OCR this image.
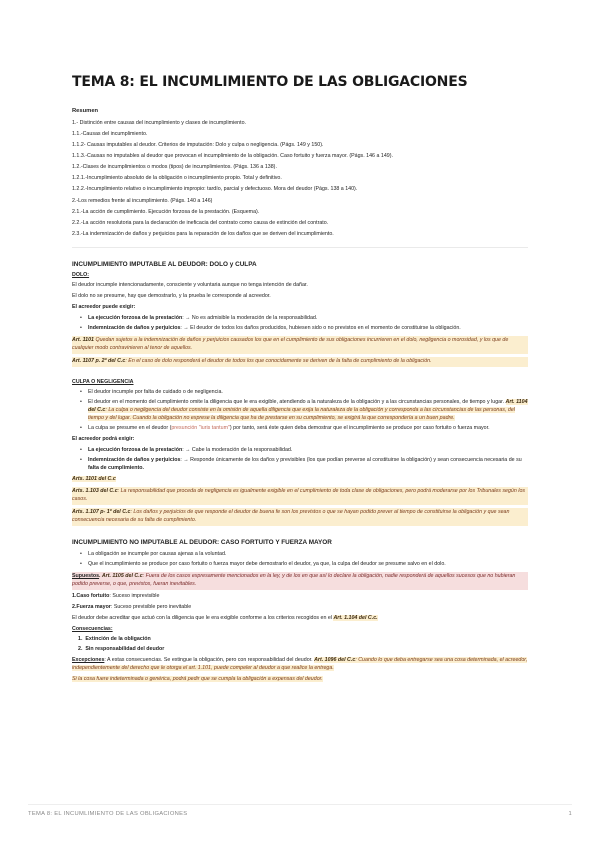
TEMA 8: EL INCUMLIMIENTO DE LAS OBLIGACIONES
Resumen

1.- Distinción entre causas del incumplimiento y clases de incumplimiento.

1.1.-Causas del incumplimiento.

1.1.2- Causas imputables al deudor. Criterios de imputación: Dolo y culpa o negligencia. (Págs. 149 y 150).

1.1.3.-Causas no imputables al deudor que provocan el incumplimiento de la obligación. Caso fortuito y fuerza mayor. (Págs. 146 a 149).

1.2.-Clases de incumplimientos o modos (tipos) de incumplimientos. (Págs. 136 a 138).

1.2.1.-Incumplimiento absoluto de la obligación o incumplimiento propio. Total y definitivo.

1.2.2.-Incumplimiento relativo o incumplimiento impropio: tardío, parcial y defectuoso. Mora del deudor (Págs. 138 a 140).

2.-Los remedios frente al incumplimiento. (Págs. 140 a 146)

2.1.-La acción de cumplimiento. Ejecución forzosa de la prestación. (Esquema).

2.2.-La acción resolutoria para la declaración de ineficacia del contrato como causa de extinción del contrato.

2.3.-La indemnización de daños y perjuicios para la reparación de los daños que se deriven del incumplimiento.

INCUMPLIMIENTO IMPUTABLE AL DEUDOR: DOLO y CULPA
DOLO:

El deudor incumple intencionadamente, consciente y voluntaria aunque no tenga intención de dañar.

El dolo no se presume, hay que demostrarlo, y la prueba le corresponde al acreedor.

El acreedor puede exigir:

• La ejecución forzosa de la prestación: → No es admisible la moderación de la responsabilidad.
• Indemnización de daños y perjuicios: → El deudor de todos los daños producidos, hubiesen sido o no previstos en el momento de constituirse la obligación.

Art. 1101 Quedan sujetos a la indemnización de daños y perjuicios causados los que en el cumplimiento de sus obligaciones incurrieren en el dolo, negligencia o morosidad, y los que de cualquier modo contravinieren al tenor de aquellos.

Art. 1107 p. 2º del C.c: En el caso de dolo responderá el deudor de todos los que conocidamente se deriven de la falta de cumplimiento de la obligación.

CULPA O NEGLIGENCIA
• El deudor incumple por falta de cuidado o de negligencia.
• El deudor en el momento del cumplimiento omite la diligencia que le era exigible, atendiendo a la naturaleza de la obligación y a las circunstancias personales, de tiempo y lugar. Art. 1104 del C.c: La culpa o negligencia del deudor consiste en la omisión de aquella diligencia que exija la naturaleza de la obligación y corresponda a las circunstancias de las personas, del tiempo y del lugar. Cuando la obligación no exprese la diligencia que ha de prestarse en su cumplimiento, se exigirá la que correspondería a un buen padre.
• La culpa se presume en el deudor (presunción "iuris tantum") por tanto, será éste quien deba demostrar que el incumplimiento se produce por caso fortuito o fuerza mayor.

El acreedor podrá exigir:

• La ejecución forzosa de la prestación: → Cabe la moderación de la responsabilidad.
• Indemnización de daños y perjuicios: → Responde únicamente de los daños y previsibles (los que podían preverse al constituirse la obligación) y sean consecuencia necesaria de su falta de cumplimiento.

Arts. 1101 del C.c

Arts. 1.103 del C.c: La responsabilidad que proceda de negligencia es igualmente exigible en el cumplimiento de toda clase de obligaciones, pero podrá moderarse por los Tribunales según los casos.

Arts. 1.107 p- 1º del C.c: Los daños y perjuicios de que responde el deudor de buena fe son los previstos o que se hayan podido prever al tiempo de constituirse la obligación y que sean consecuencia necesaria de su falta de cumplimiento.

INCUMPLIMIENTO NO IMPUTABLE AL DEUDOR: CASO FORTUITO Y FUERZA MAYOR
• La obligación se incumple por causas ajenas a la voluntad.
• Que el incumplimiento se produce por caso fortuito o fuerza mayor debe demostrarlo el deudor, ya que, la culpa del deudor se presume salvo en el dolo.

Supuestos. Art. 1105 del C.c: Fuera de los casos expresamente mencionados en la ley, y de los en que así lo declare la obligación, nadie responderá de aquellos sucesos que no hubieran podido preverse, o que, previstos, fueran inevitables.

1.Caso fortuito: Suceso imprevisible

2.Fuerza mayor: Suceso previsible pero inevitable

El deudor debe acreditar que actuó con la diligencia que le era exigible conforme a los criterios recogidos en el Art. 1.104 del C.c.

Consecuencias:
1.  Extinción de la obligación
2.  Sin responsabilidad del deudor

Excepciones: A estas consecuencias. Se extingue la obligación, pero con responsabilidad del deudor. Art. 1096 del C.c: Cuando lo que deba entregarse sea una cosa determinada, el acreedor, independientemente del derecho que le otorga el art. 1.101, puede compeler al deudor a que realice la entrega.

Si la cosa fuere indeterminada o genérica, podrá pedir que se cumpla la obligación a expensas del deudor.

TEMA 8: EL INCUMLIMIENTO DE LAS OBLIGACIONES	1
